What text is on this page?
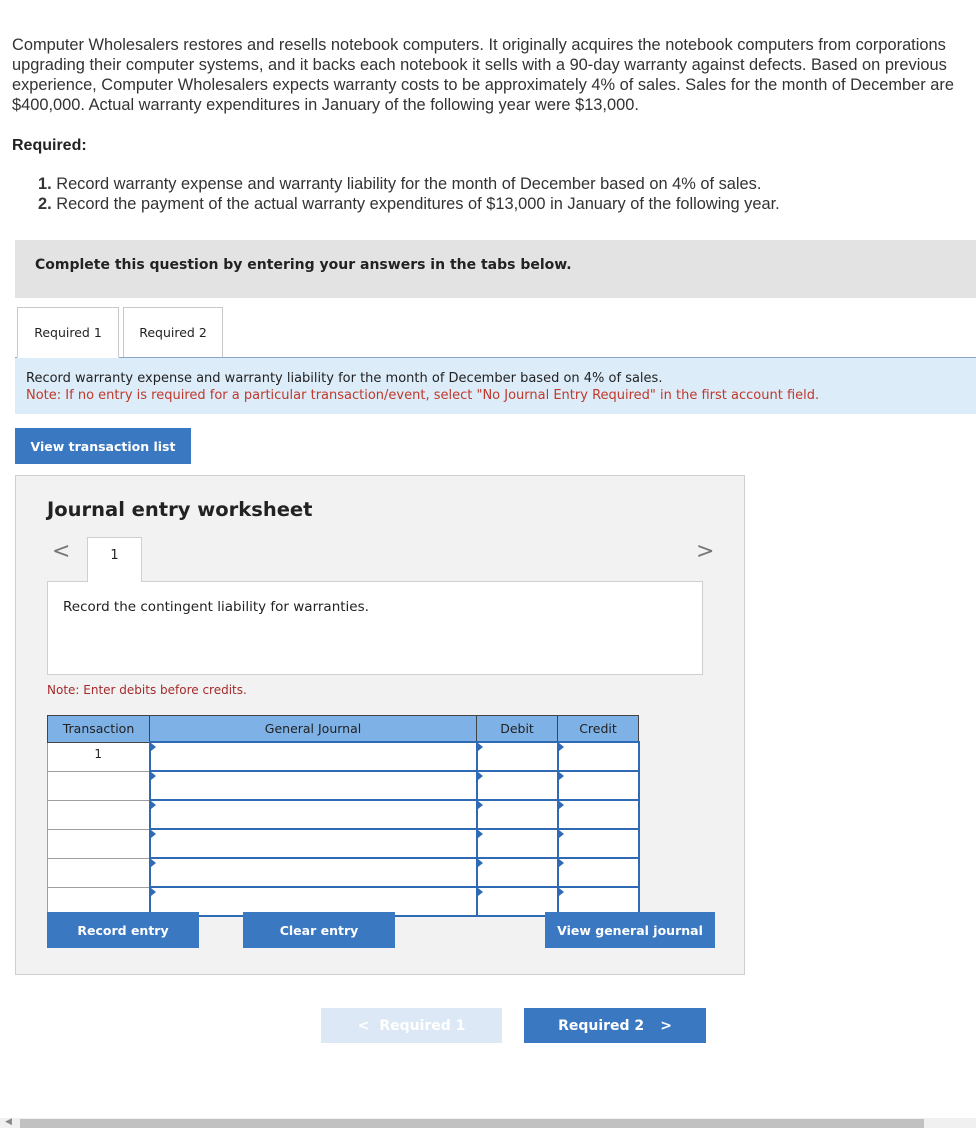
Computer Wholesalers restores and resells notebook computers. It originally acquires the notebook computers from corporations upgrading their computer systems, and it backs each notebook it sells with a 90-day warranty against defects. Based on previous experience, Computer Wholesalers expects warranty costs to be approximately 4% of sales. Sales for the month of December are $400,000. Actual warranty expenditures in January of the following year were $13,000.
Required:
1. Record warranty expense and warranty liability for the month of December based on 4% of sales.
2. Record the payment of the actual warranty expenditures of $13,000 in January of the following year.
Complete this question by entering your answers in the tabs below.
Required 1	Required 2
Record warranty expense and warranty liability for the month of December based on 4% of sales.
Note: If no entry is required for a particular transaction/event, select "No Journal Entry Required" in the first account field.
View transaction list
Journal entry worksheet
<	1	>
Record the contingent liability for warranties.
Note: Enter debits before credits.
Transaction	General Journal	Debit	Credit
1			

Record entry	Clear entry	View general journal
< Required 1	Required 2 >
◀
